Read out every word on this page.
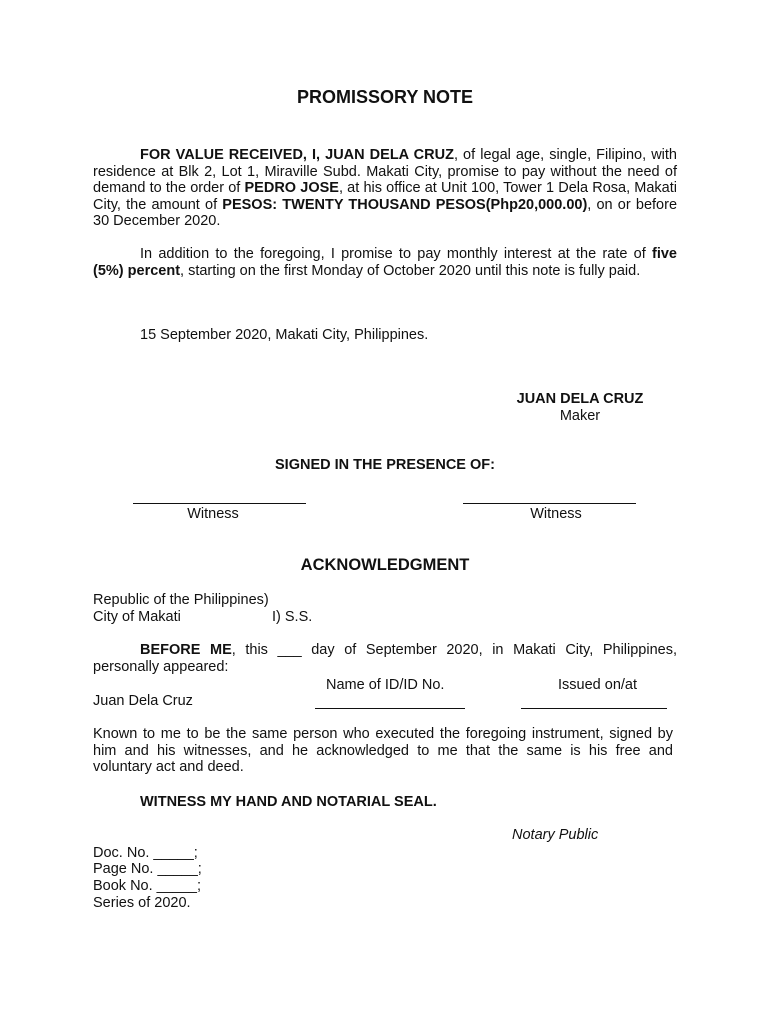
PROMISSORY NOTE
FOR VALUE RECEIVED, I, JUAN DELA CRUZ, of legal age, single, Filipino, with residence at Blk 2, Lot 1, Miraville Subd. Makati City, promise to pay without the need of demand to the order of PEDRO JOSE, at his office at Unit 100, Tower 1 Dela Rosa, Makati City, the amount of PESOS: TWENTY THOUSAND PESOS(Php20,000.00), on or before 30 December 2020.
In addition to the foregoing, I promise to pay monthly interest at the rate of five (5%) percent, starting on the first Monday of October 2020 until this note is fully paid.
15 September 2020, Makati City, Philippines.
JUAN DELA CRUZ
Maker
SIGNED IN THE PRESENCE OF:
Witness	Witness
ACKNOWLEDGMENT
Republic of the Philippines)
City of Makati	I) S.S.
BEFORE ME, this ___ day of September 2020, in Makati City, Philippines, personally appeared:
Name of ID/ID No.	Issued on/at
Juan Dela Cruz
Known to me to be the same person who executed the foregoing instrument, signed by him and his witnesses, and he acknowledged to me that the same is his free and voluntary act and deed.
WITNESS MY HAND AND NOTARIAL SEAL.
Notary Public
Doc. No. _____;
Page No. _____;
Book No. _____;
Series of 2020.
